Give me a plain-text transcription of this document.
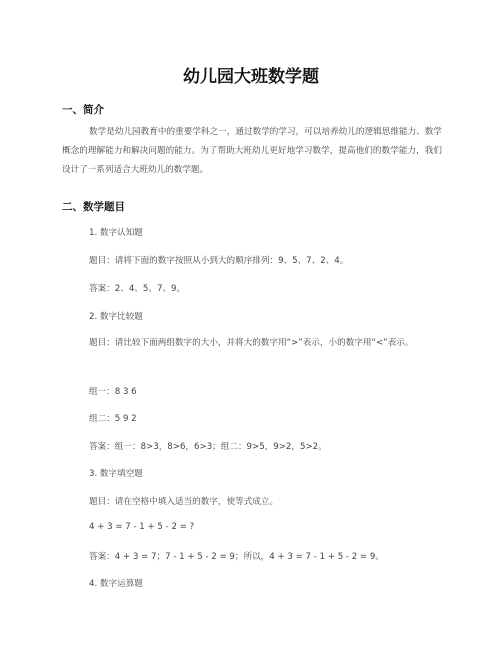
幼儿园大班数学题
一、简介
数学是幼儿园教育中的重要学科之一，通过数学的学习，可以培养幼儿的逻辑思维能力、数学概念的理解能力和解决问题的能力。为了帮助大班幼儿更好地学习数学，提高他们的数学能力，我们设计了一系列适合大班幼儿的数学题。
二、数学题目
1. 数字认知题
题目：请将下面的数字按照从小到大的顺序排列：9、5、7、2、4。
答案：2、4、5、7、9。
2. 数字比较题
题目：请比较下面两组数字的大小，并将大的数字用“>”表示，小的数字用“<”表示。
组一：8 3 6
组二：5 9 2
答案：组一：8>3，8>6，6>3；组二：9>5，9>2，5>2。
3. 数字填空题
题目：请在空格中填入适当的数字，使等式成立。
4 + 3 = 7 - 1 + 5 - 2 = ?
答案：4 + 3 = 7；7 - 1 + 5 - 2 = 9；所以，4 + 3 = 7 - 1 + 5 - 2 = 9。
4. 数字运算题
